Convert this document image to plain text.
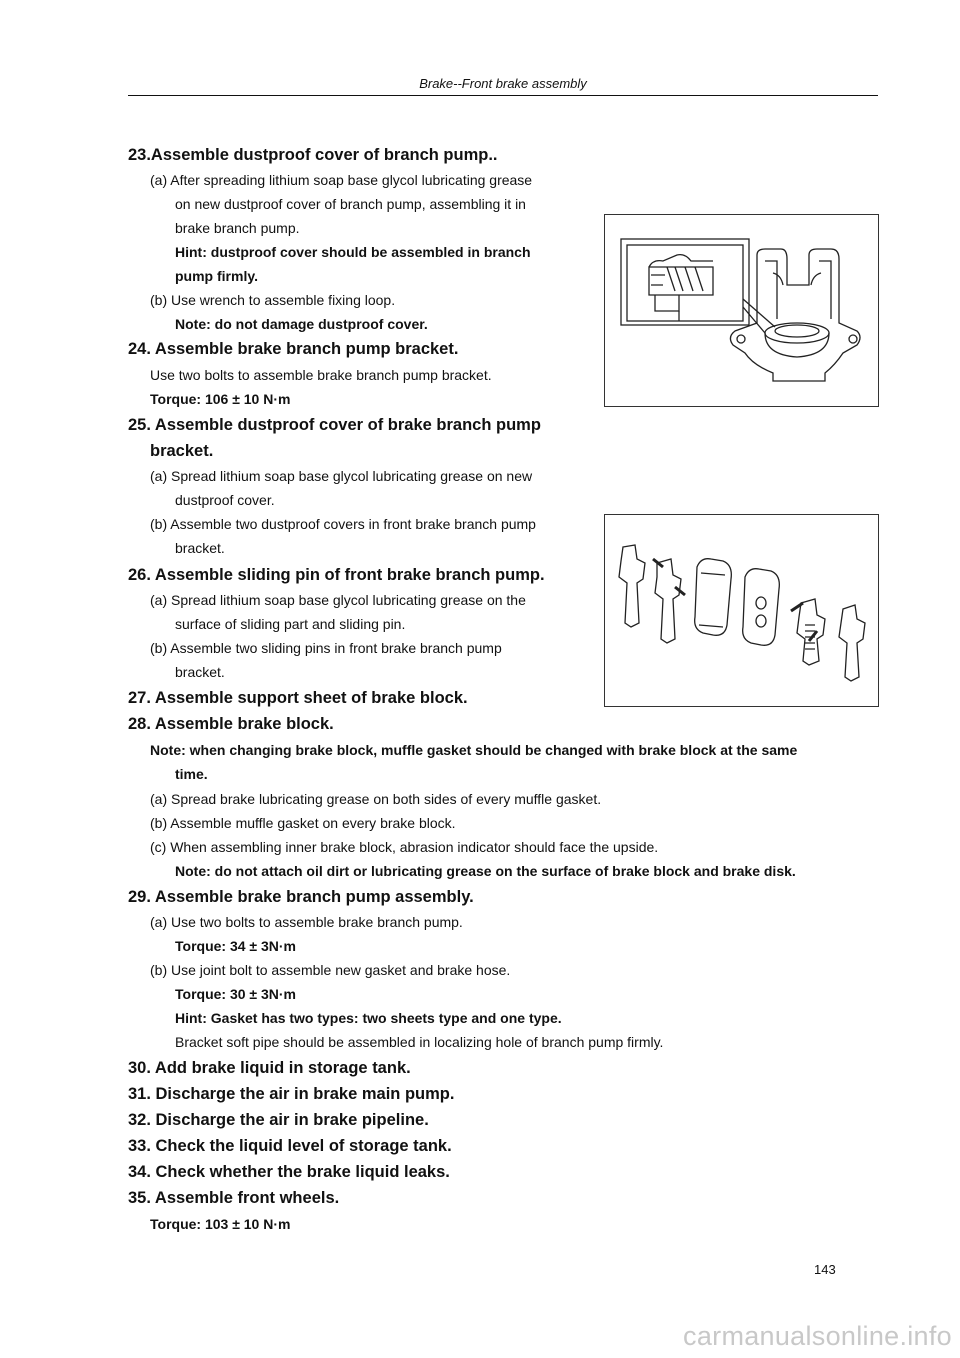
Brake--Front brake assembly
23.Assemble dustproof cover of branch pump..
(a) After spreading lithium soap base glycol lubricating grease
on new dustproof cover of branch pump, assembling it in
brake branch pump.
Hint: dustproof cover should be assembled in branch
pump firmly.
(b) Use wrench to assemble fixing loop.
Note: do not damage dustproof cover.
24. Assemble brake branch pump bracket.
Use two bolts to assemble brake branch pump bracket.
Torque: 106 ± 10 N·m
25. Assemble dustproof cover of brake branch pump
bracket.
(a) Spread lithium soap base glycol lubricating grease on new
dustproof cover.
(b) Assemble two dustproof covers in front brake branch pump
bracket.
26. Assemble sliding pin of front brake branch pump.
(a) Spread lithium soap base glycol lubricating grease on the
surface of sliding part and sliding pin.
(b) Assemble two sliding pins in front brake branch pump
bracket.
27. Assemble support sheet of brake block.
28. Assemble brake block.
Note: when changing brake block, muffle gasket should be changed with brake block at the same
time.
(a) Spread brake lubricating grease on both sides of every muffle gasket.
(b) Assemble muffle gasket on every brake block.
(c) When assembling inner brake block, abrasion indicator should face the upside.
Note: do not attach oil dirt or lubricating grease on the surface of brake block and brake disk.
29. Assemble brake branch pump assembly.
(a) Use two bolts to assemble brake branch pump.
Torque: 34 ± 3N·m
(b) Use joint bolt to assemble new gasket and brake hose.
Torque: 30 ± 3N·m
Hint: Gasket has two types: two sheets type and one type.
Bracket soft pipe should be assembled in localizing hole of branch pump firmly.
30. Add brake liquid in storage tank.
31. Discharge the air in brake main pump.
32. Discharge the air in brake pipeline.
33. Check the liquid level of storage tank.
34. Check whether the brake liquid leaks.
35. Assemble front wheels.
Torque: 103 ± 10 N·m
143
carmanualsonline.info
